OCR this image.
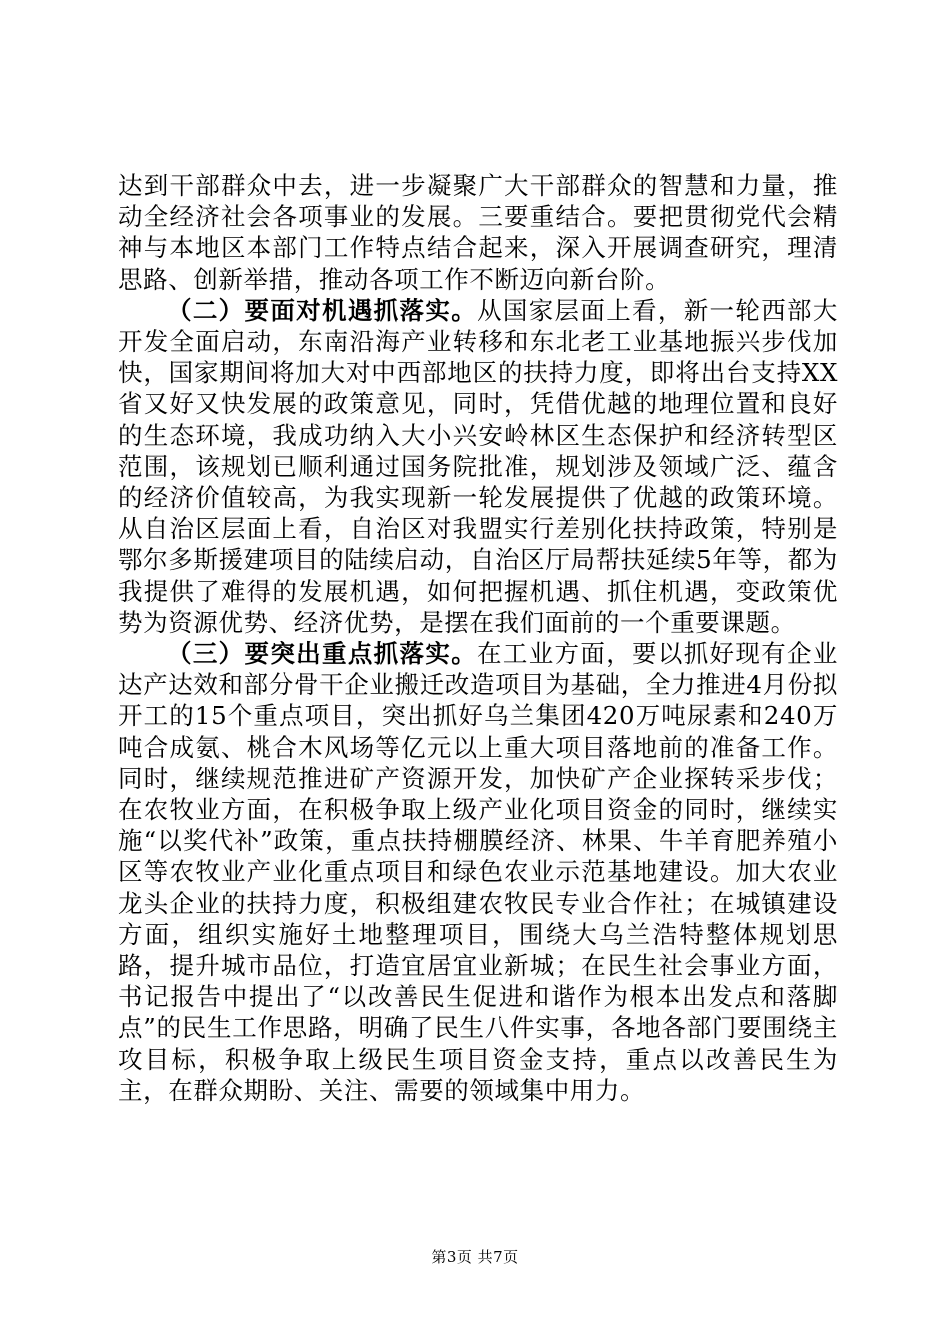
达到干部群众中去，进一步凝聚广大干部群众的智慧和力量，推动全经济社会各项事业的发展。三要重结合。要把贯彻党代会精神与本地区本部门工作特点结合起来，深入开展调查研究，理清思路、创新举措，推动各项工作不断迈向新台阶。

（二）要面对机遇抓落实。从国家层面上看，新一轮西部大开发全面启动，东南沿海产业转移和东北老工业基地振兴步伐加快，国家期间将加大对中西部地区的扶持力度，即将出台支持XX省又好又快发展的政策意见，同时，凭借优越的地理位置和良好的生态环境，我成功纳入大小兴安岭林区生态保护和经济转型区范围，该规划已顺利通过国务院批准，规划涉及领域广泛、蕴含的经济价值较高，为我实现新一轮发展提供了优越的政策环境。从自治区层面上看，自治区对我盟实行差别化扶持政策，特别是鄂尔多斯援建项目的陆续启动，自治区厅局帮扶延续5年等，都为我提供了难得的发展机遇，如何把握机遇、抓住机遇，变政策优势为资源优势、经济优势，是摆在我们面前的一个重要课题。

（三）要突出重点抓落实。在工业方面，要以抓好现有企业达产达效和部分骨干企业搬迁改造项目为基础，全力推进4月份拟开工的15个重点项目，突出抓好乌兰集团420万吨尿素和240万吨合成氨、桃合木风场等亿元以上重大项目落地前的准备工作。同时，继续规范推进矿产资源开发，加快矿产企业探转采步伐；在农牧业方面，在积极争取上级产业化项目资金的同时，继续实施“以奖代补”政策，重点扶持棚膜经济、林果、牛羊育肥养殖小区等农牧业产业化重点项目和绿色农业示范基地建设。加大农业龙头企业的扶持力度，积极组建农牧民专业合作社；在城镇建设方面，组织实施好土地整理项目，围绕大乌兰浩特整体规划思路，提升城市品位，打造宜居宜业新城；在民生社会事业方面，书记报告中提出了“以改善民生促进和谐作为根本出发点和落脚点”的民生工作思路，明确了民生八件实事，各地各部门要围绕主攻目标，积极争取上级民生项目资金支持，重点以改善民生为主，在群众期盼、关注、需要的领域集中用力。

第3页 共7页
